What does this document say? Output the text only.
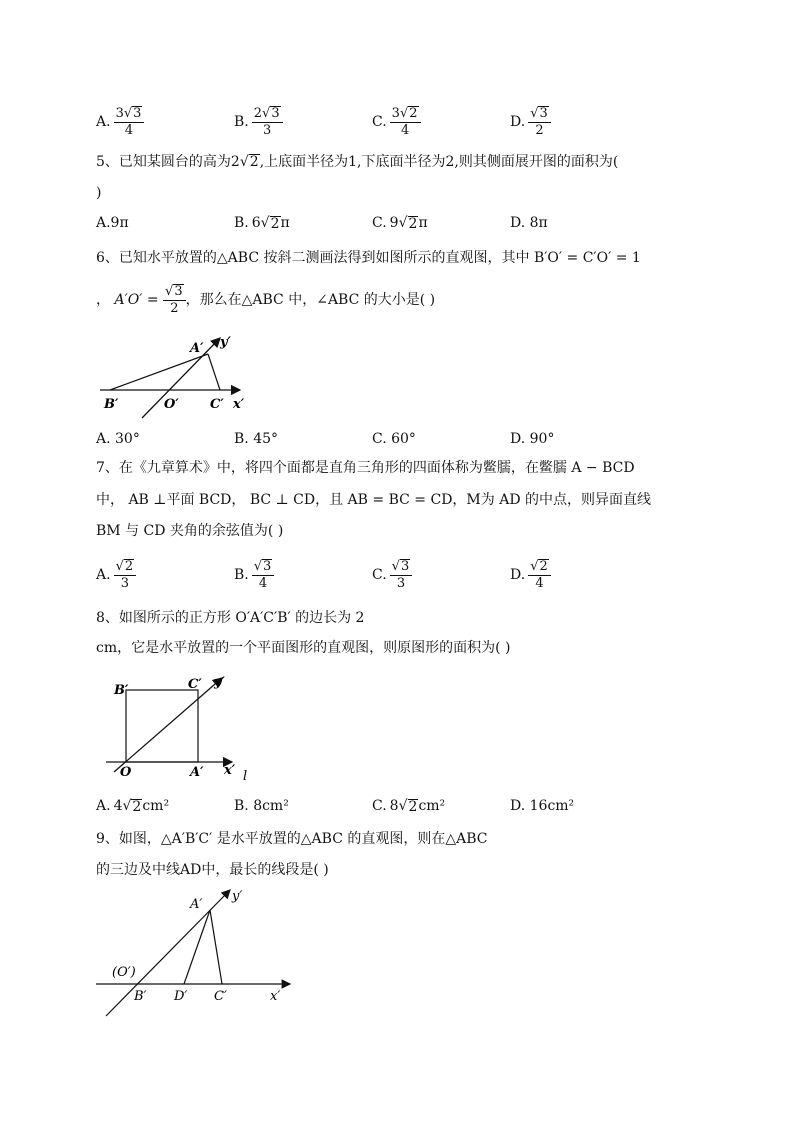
A. $\frac{3√3}{4}$	B. $\frac{2√3}{3}$	C. $\frac{3√2}{4}$	D. $\frac{√3}{2}$
5、已知某圆台的高为2√2,上底面半径为1,下底面半径为2,则其侧面展开图的面积为(
)
A.9π	B. 6 √ 2 π	C. 9 √ 2 π	D. 8π
6、已知水平放置的△ABC 按斜二测画法得到如图所示的直观图，其中 B′O′ = C′O′ = 1
，
A′O′ =
$\frac{√3}{2}$ ，那么在△ABC 中，∠ABC 的大小是( )
A′ y′
B′	O′ C′ x′
A. 30°	B. 45°	C. 60°	D. 90°
7、在《九章算术》中，将四个面都是直角三角形的四面体称为鳖臑，在鳖臑 A − BCD
中， AB ⊥平面 BCD， BC ⊥ CD，且 AB = BC = CD，M为 AD 的中点，则异面直线
BM 与 CD 夹角的余弦值为( )
A. $\frac{√2}{3}$	B. $\frac{√3}{4}$	C. $\frac{√3}{3}$	D. $\frac{√2}{4}$
8、如图所示的正方形 O′A′C′B′ 的边长为 2
cm，它是水平放置的一个平面图形的直观图，则原图形的面积为( )
B′	C′ y′
O	A′ x′ l
A. 4 √ 2 cm²	B. 8cm²	C. 8 √ 2 cm²	D. 16cm²
9、如图，△A′B′C′ 是水平放置的△ABC 的直观图，则在△ABC
的三边及中线AD中，最长的线段是( )
A′
y′
(O′)
B′ D′ C′	x′
